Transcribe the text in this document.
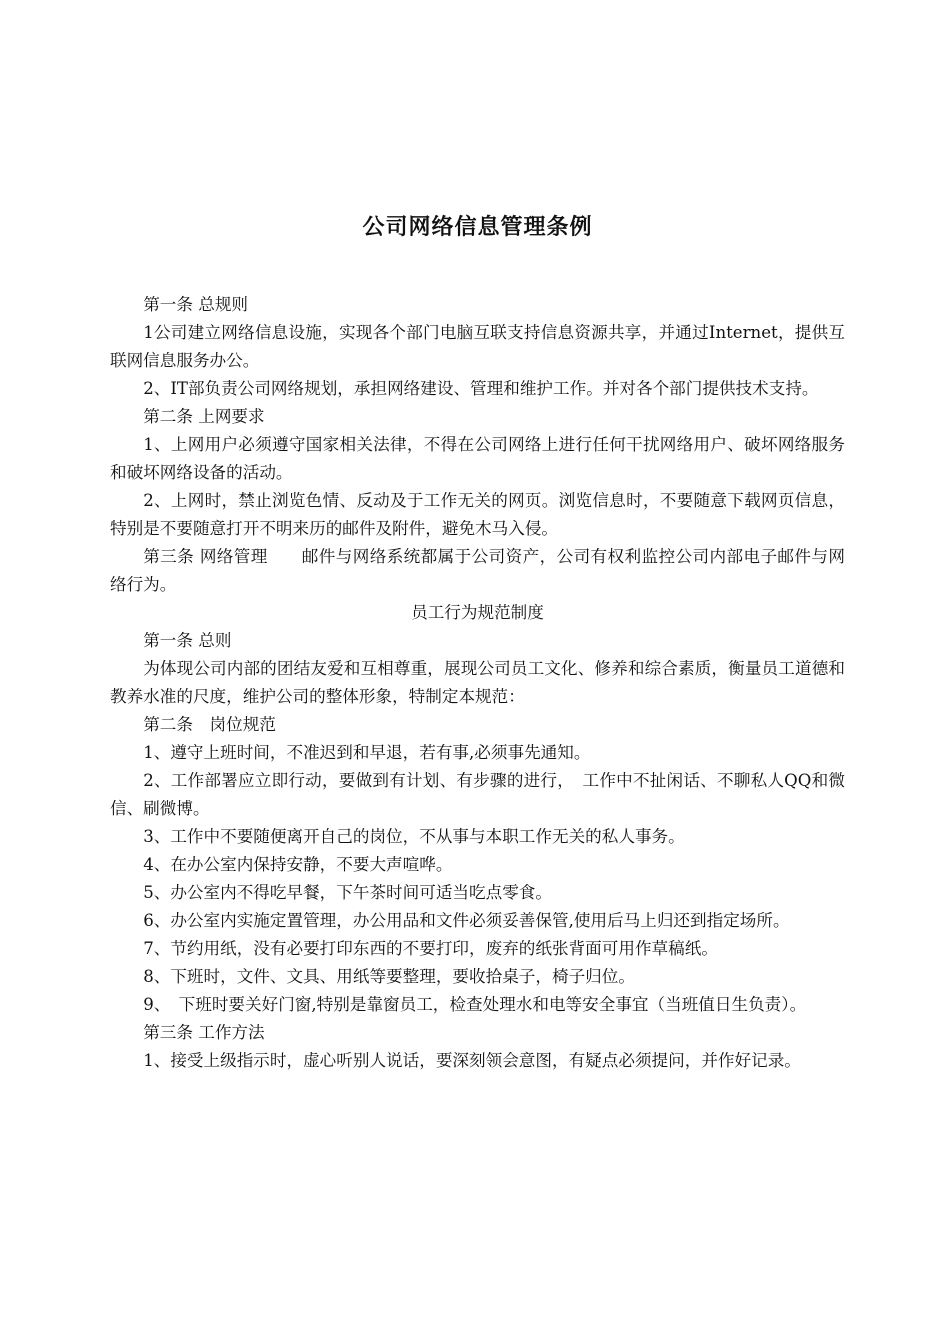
公司网络信息管理条例

第一条 总规则

1公司建立网络信息设施，实现各个部门电脑互联支持信息资源共享，并通过Internet，提供互联网信息服务办公。

2、IT部负责公司网络规划，承担网络建设、管理和维护工作。并对各个部门提供技术支持。

第二条 上网要求

1、上网用户必须遵守国家相关法律，不得在公司网络上进行任何干扰网络用户、破坏网络服务和破坏网络设备的活动。

2、上网时，禁止浏览色情、反动及于工作无关的网页。浏览信息时，不要随意下载网页信息，特别是不要随意打开不明来历的邮件及附件，避免木马入侵。

第三条 网络管理　　邮件与网络系统都属于公司资产，公司有权利监控公司内部电子邮件与网络行为。

员工行为规范制度

第一条 总则

为体现公司内部的团结友爱和互相尊重，展现公司员工文化、修养和综合素质，衡量员工道德和教养水准的尺度，维护公司的整体形象，特制定本规范：

第二条　岗位规范

1、遵守上班时间，不准迟到和早退，若有事,必须事先通知。

2、工作部署应立即行动，要做到有计划、有步骤的进行，　工作中不扯闲话、不聊私人QQ和微信、刷微博。

3、工作中不要随便离开自己的岗位，不从事与本职工作无关的私人事务。

4、在办公室内保持安静，不要大声喧哗。

5、办公室内不得吃早餐，下午茶时间可适当吃点零食。

6、办公室内实施定置管理，办公用品和文件必须妥善保管,使用后马上归还到指定场所。

7、节约用纸，没有必要打印东西的不要打印，废弃的纸张背面可用作草稿纸。

8、下班时，文件、文具、用纸等要整理，要收拾桌子，椅子归位。

9、　下班时要关好门窗,特别是靠窗员工，检查处理水和电等安全事宜（当班值日生负责）。

第三条 工作方法

1、接受上级指示时，虚心听别人说话，要深刻领会意图，有疑点必须提问，并作好记录。
